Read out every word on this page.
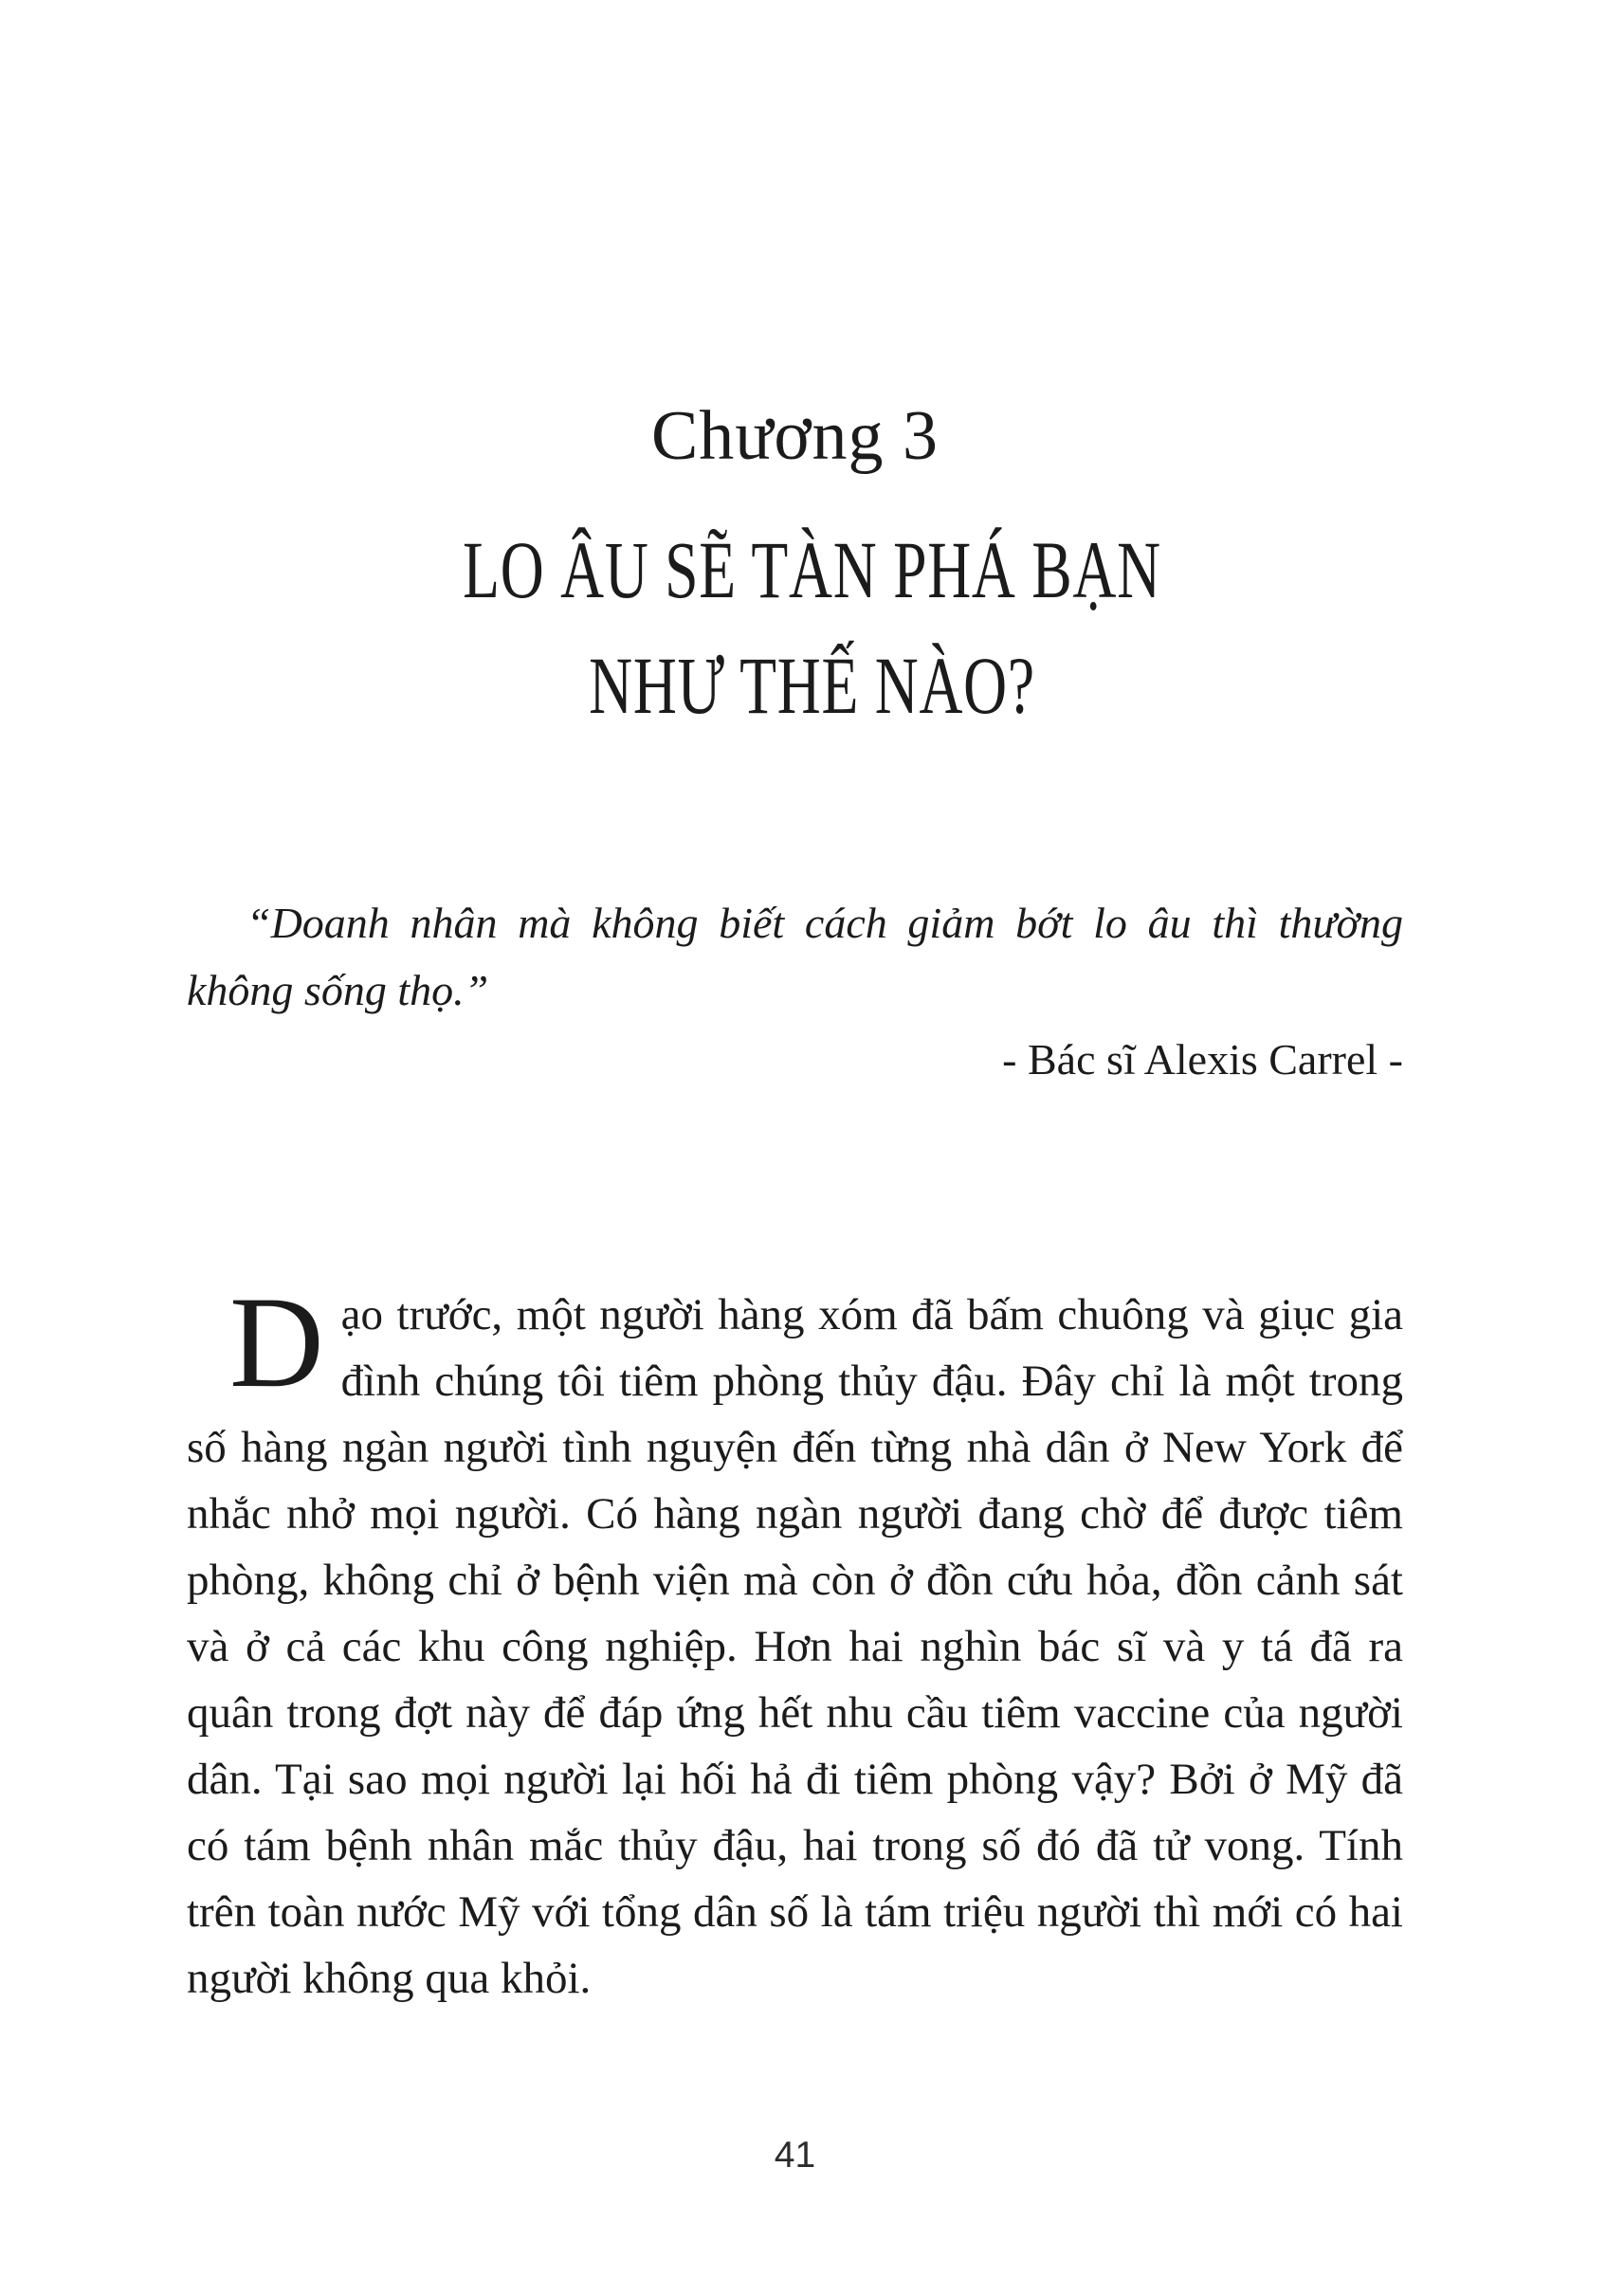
Chương 3
LO ÂU SẼ TÀN PHÁ BẠN
NHƯ THẾ NÀO?
“Doanh nhân mà không biết cách giảm bớt lo âu thì thường không sống thọ.”
- Bác sĩ Alexis Carrel -
Dạo trước, một người hàng xóm đã bấm chuông và giục gia đình chúng tôi tiêm phòng thủy đậu. Đây chỉ là một trong số hàng ngàn người tình nguyện đến từng nhà dân ở New York để nhắc nhở mọi người. Có hàng ngàn người đang chờ để được tiêm phòng, không chỉ ở bệnh viện mà còn ở đồn cứu hỏa, đồn cảnh sát và ở cả các khu công nghiệp. Hơn hai nghìn bác sĩ và y tá đã ra quân trong đợt này để đáp ứng hết nhu cầu tiêm vaccine của người dân. Tại sao mọi người lại hối hả đi tiêm phòng vậy? Bởi ở Mỹ đã có tám bệnh nhân mắc thủy đậu, hai trong số đó đã tử vong. Tính trên toàn nước Mỹ với tổng dân số là tám triệu người thì mới có hai người không qua khỏi.
41
